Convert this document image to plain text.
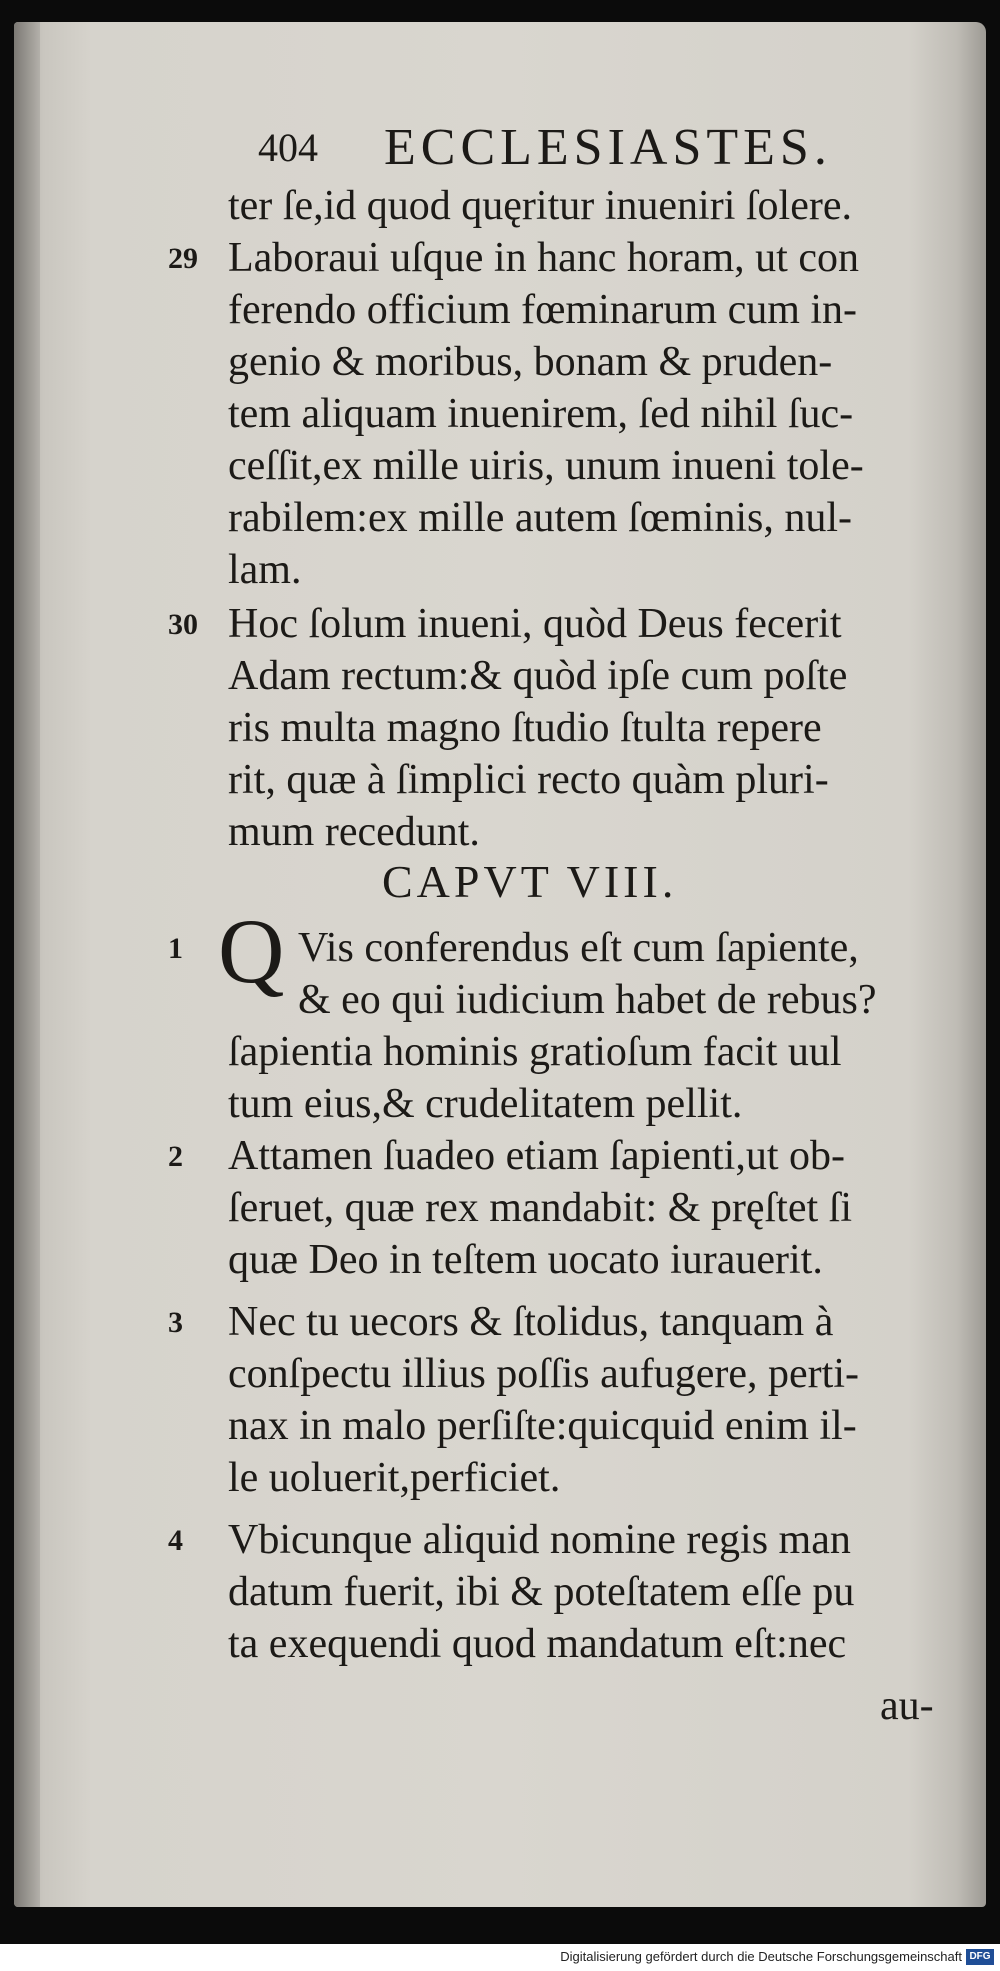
404 ECCLESIASTES.
ter ſe,id quod quęritur inueniri ſolere.
29 Laboraui uſque in hanc horam, ut con
ferendo officium fœminarum cum in-
genio & moribus, bonam & pruden-
tem aliquam inuenirem, ſed nihil ſuc-
ceſſit,ex mille uiris, unum inueni tole-
rabilem:ex mille autem ſœminis, nul-
lam.
30 Hoc ſolum inueni, quòd Deus fecerit
Adam rectum:& quòd ipſe cum poſte
ris multa magno ſtudio ſtulta repere
rit, quæ à ſimplici recto quàm pluri-
mum recedunt.
CAPVT VIII.
1 Q Vis conferendus eſt cum ſapiente,
& eo qui iudicium habet de rebus?
ſapientia hominis gratioſum facit uul
tum eius,& crudelitatem pellit.
2 Attamen ſuadeo etiam ſapienti,ut ob-
ſeruet, quæ rex mandabit: & pręſtet ſi
quæ Deo in teſtem uocato iurauerit.
3 Nec tu uecors & ſtolidus, tanquam à
conſpectu illius poſſis aufugere, perti-
nax in malo perſiſte:quicquid enim il-
le uoluerit,perficiet.
4 Vbicunque aliquid nomine regis man
datum fuerit, ibi & poteſtatem eſſe pu
ta exequendi quod mandatum eſt:nec
au-
Digitalisierung gefördert durch die Deutsche Forschungsgemeinschaft DFG
